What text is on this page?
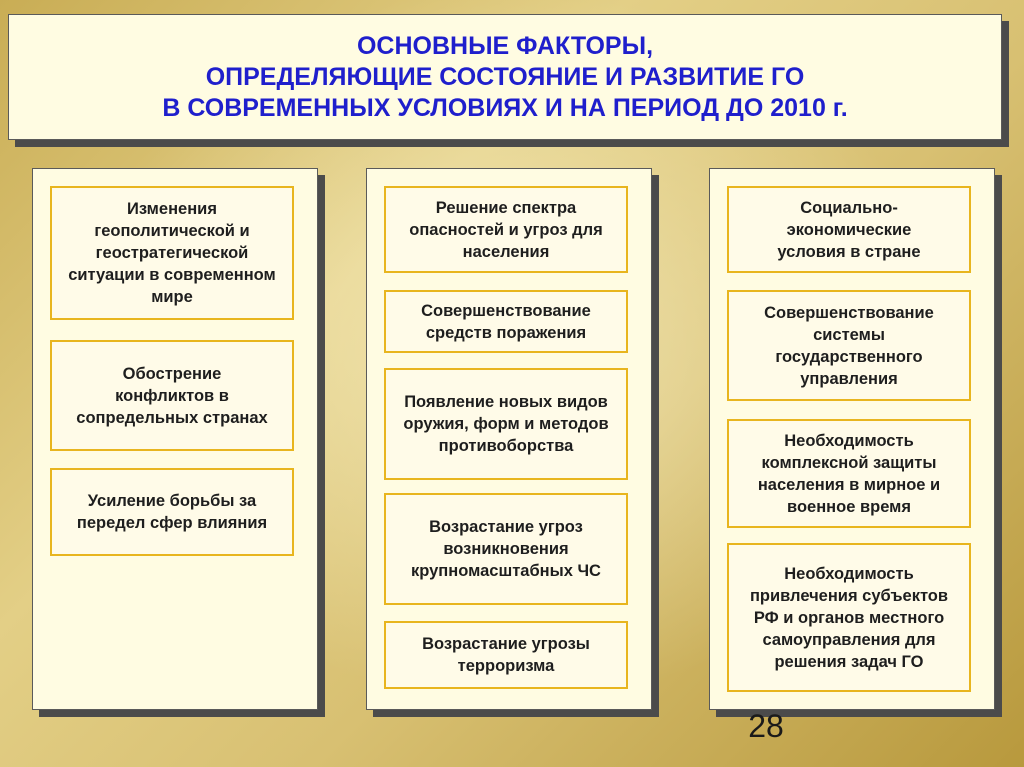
ОСНОВНЫЕ ФАКТОРЫ,
ОПРЕДЕЛЯЮЩИЕ СОСТОЯНИЕ И РАЗВИТИЕ ГО
В СОВРЕМЕННЫХ УСЛОВИЯХ И НА ПЕРИОД ДО 2010 г.
Изменения геополитической и геостратегической ситуации в современном мире
Обострение конфликтов в сопредельных странах
Усиление борьбы за передел сфер влияния
Решение спектра опасностей и угроз для населения
Совершенствование средств поражения
Появление новых видов оружия, форм и методов противоборства
Возрастание угроз возникновения крупномасштабных ЧС
Возрастание угрозы терроризма
Социально-экономические условия в стране
Совершенствование системы государственного управления
Необходимость комплексной защиты населения в мирное и военное время
Необходимость привлечения субъектов РФ и органов местного самоуправления для решения задач ГО
28
